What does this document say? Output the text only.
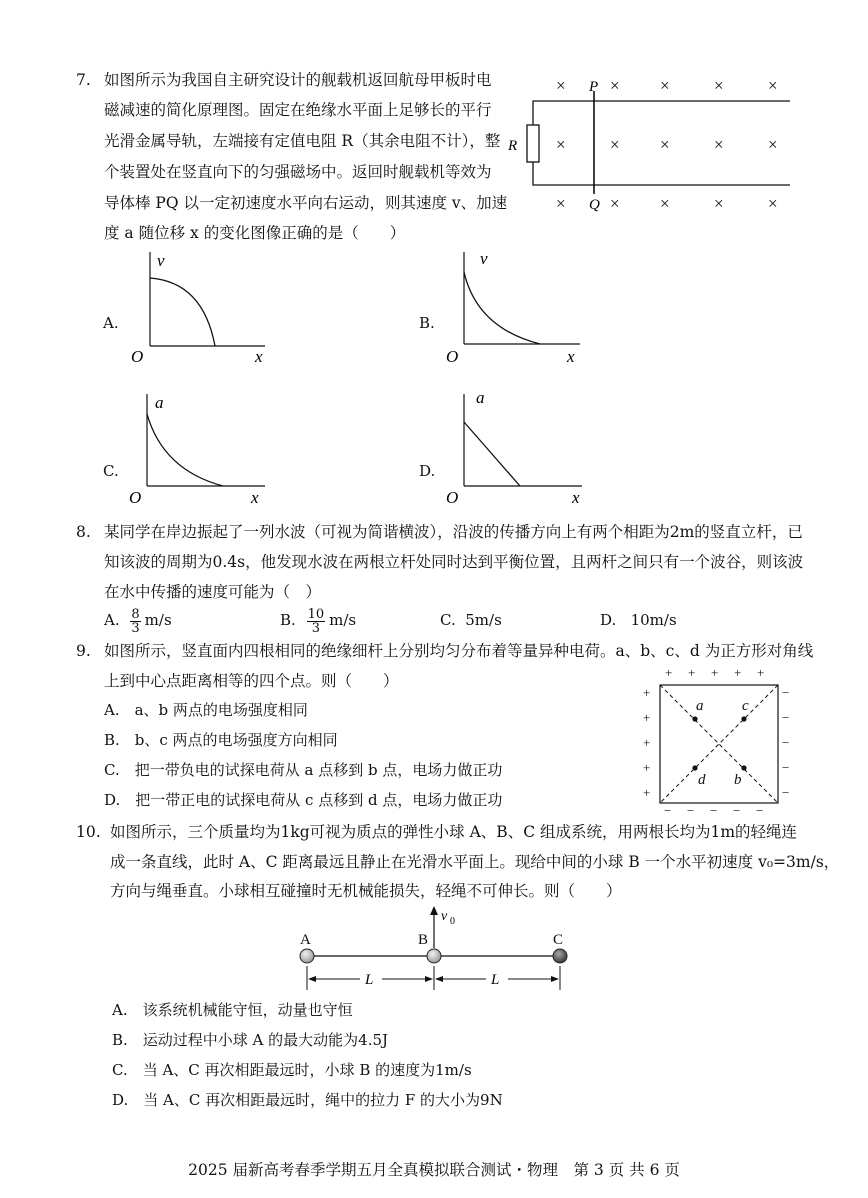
7. 如图所示为我国自主研究设计的舰载机返回航母甲板时电
磁减速的简化原理图。固定在绝缘水平面上足够长的平行
光滑金属导轨，左端接有定值电阻 R（其余电阻不计），整
个装置处在竖直向下的匀强磁场中。返回时舰载机等效为
导体棒 PQ 以一定初速度水平向右运动，则其速度 v、加速
度 a 随位移 x 的变化图像正确的是（　　）
×	× ×	×	×
×	× ×	×	×
×	× ×	×	×
P
Q
R
A.
v
O	x
B.
v
O	x
C.
a
O	x
D.
a
O	x
8. 某同学在岸边振起了一列水波（可视为简谐横波），沿波的传播方向上有两个相距为2m的竖直立杆，已
知该波的周期为0.4s，他发现水波在两根立杆处同时达到平衡位置，且两杆之间只有一个波谷，则该波
在水中传播的速度可能为（　）
A. $\frac{8}{3} m/s$	B. $\frac{10}{3} m/s$	C. 5m/s	D. 10m/s
9. 如图所示，竖直面内四根相同的绝缘细杆上分别均匀分布着等量异种电荷。a、b、c、d 为正方形对角线
上到中心点距离相等的四个点。则（　　）
A.　a、b 两点的电场强度相同
B.　b、c 两点的电场强度方向相同
C.　把一带负电的试探电荷从 a 点移到 b 点，电场力做正功
D.　把一带正电的试探电荷从 c 点移到 d 点，电场力做正功
+ + + + +
+
+
+
+
+
−
−
−
−
−
− − − − −
a	c
d b
10. 如图所示，三个质量均为1kg可视为质点的弹性小球 A、B、C 组成系统，用两根长均为1m的轻绳连
成一条直线，此时 A、C 距离最远且静止在光滑水平面上。现给中间的小球 B 一个水平初速度 v₀=3m/s，
方向与绳垂直。小球相互碰撞时无机械能损失，轻绳不可伸长。则（　　）
v 0
A	B	C
L	L
A.　该系统机械能守恒，动量也守恒
B.　运动过程中小球 A 的最大动能为4.5J
C.　当 A、C 再次相距最远时，小球 B 的速度为1m/s
D.　当 A、C 再次相距最远时，绳中的拉力 F 的大小为9N
2025 届新高考春季学期五月全真模拟联合测试・物理　第 3 页 共 6 页
